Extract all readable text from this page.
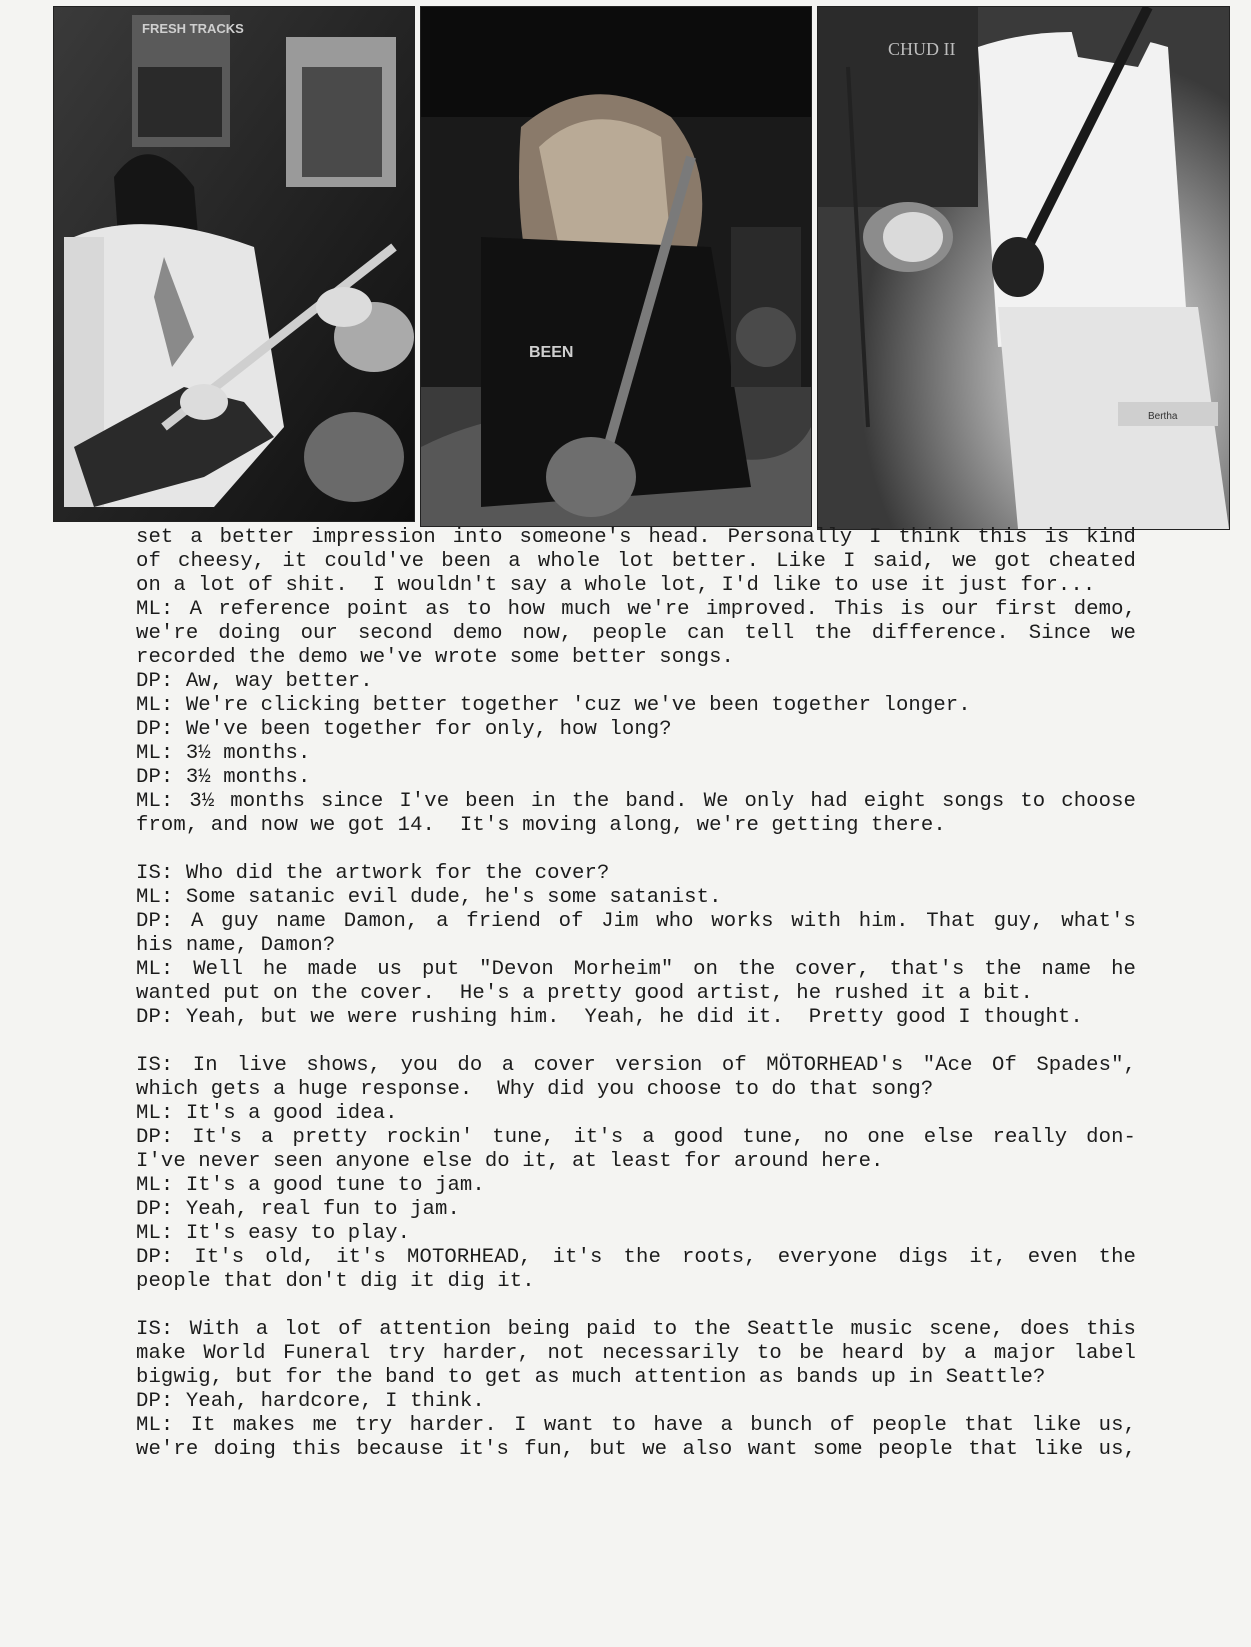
FRESH TRACKS
BEEN
CHUD II
Bertha
set a better impression into someone's head. Personally I think this is kind
of cheesy, it could've been a whole lot better. Like I said, we got cheated
on a lot of shit.  I wouldn't say a whole lot, I'd like to use it just for...
ML: A reference point as to how much we're improved. This is our first demo,
we're doing our second demo now, people can tell the difference. Since we
recorded the demo we've wrote some better songs.
DP: Aw, way better.
ML: We're clicking better together 'cuz we've been together longer.
DP: We've been together for only, how long?
ML: 3½ months.
DP: 3½ months.
ML: 3½ months since I've been in the band. We only had eight songs to choose
from, and now we got 14.  It's moving along, we're getting there.
IS: Who did the artwork for the cover?
ML: Some satanic evil dude, he's some satanist.
DP: A guy name Damon, a friend of Jim who works with him. That guy, what's
his name, Damon?
ML: Well he made us put "Devon Morheim" on the cover, that's the name he
wanted put on the cover.  He's a pretty good artist, he rushed it a bit.
DP: Yeah, but we were rushing him.  Yeah, he did it.  Pretty good I thought.
IS: In live shows, you do a cover version of MÖTORHEAD's "Ace Of Spades",
which gets a huge response.  Why did you choose to do that song?
ML: It's a good idea.
DP: It's a pretty rockin' tune, it's a good tune, no one else really don-
I've never seen anyone else do it, at least for around here.
ML: It's a good tune to jam.
DP: Yeah, real fun to jam.
ML: It's easy to play.
DP: It's old, it's MOTORHEAD, it's the roots, everyone digs it, even the
people that don't dig it dig it.
IS: With a lot of attention being paid to the Seattle music scene, does this
make World Funeral try harder, not necessarily to be heard by a major label
bigwig, but for the band to get as much attention as bands up in Seattle?
DP: Yeah, hardcore, I think.
ML: It makes me try harder. I want to have a bunch of people that like us,
we're doing this because it's fun, but we also want some people that like us,
